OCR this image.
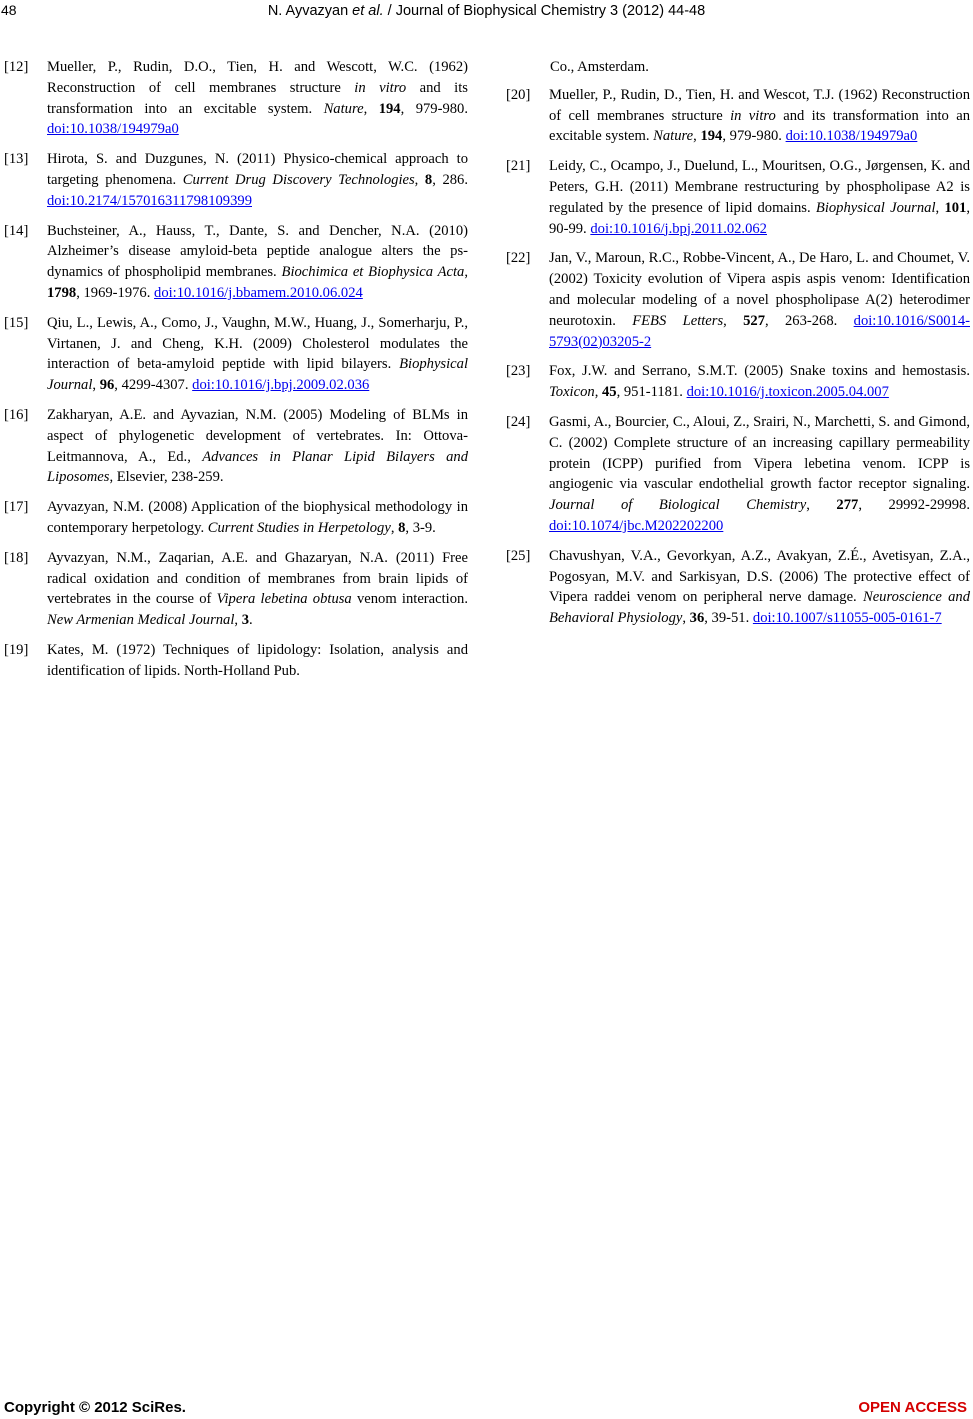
48	N. Ayvazyan et al. / Journal of Biophysical Chemistry 3 (2012) 44-48
[12] Mueller, P., Rudin, D.O., Tien, H. and Wescott, W.C. (1962) Reconstruction of cell membranes structure in vitro and its transformation into an excitable system. Nature, 194, 979-980. doi:10.1038/194979a0
[13] Hirota, S. and Duzgunes, N. (2011) Physico-chemical approach to targeting phenomena. Current Drug Discovery Technologies, 8, 286. doi:10.2174/157016311798109399
[14] Buchsteiner, A., Hauss, T., Dante, S. and Dencher, N.A. (2010) Alzheimer’s disease amyloid-beta peptide analogue alters the ps-dynamics of phospholipid membranes. Biochimica et Biophysica Acta, 1798, 1969-1976. doi:10.1016/j.bbamem.2010.06.024
[15] Qiu, L., Lewis, A., Como, J., Vaughn, M.W., Huang, J., Somerharju, P., Virtanen, J. and Cheng, K.H. (2009) Cholesterol modulates the interaction of beta-amyloid peptide with lipid bilayers. Biophysical Journal, 96, 4299-4307. doi:10.1016/j.bpj.2009.02.036
[16] Zakharyan, A.E. and Ayvazian, N.M. (2005) Modeling of BLMs in aspect of phylogenetic development of vertebrates. In: Ottova-Leitmannova, A., Ed., Advances in Planar Lipid Bilayers and Liposomes, Elsevier, 238-259.
[17] Ayvazyan, N.M. (2008) Application of the biophysical methodology in contemporary herpetology. Current Studies in Herpetology, 8, 3-9.
[18] Ayvazyan, N.M., Zaqarian, A.E. and Ghazaryan, N.A. (2011) Free radical oxidation and condition of membranes from brain lipids of vertebrates in the course of Vipera lebetina obtusa venom interaction. New Armenian Medical Journal, 3.
[19] Kates, M. (1972) Techniques of lipidology: Isolation, analysis and identification of lipids. North-Holland Pub.
Co., Amsterdam.
[20] Mueller, P., Rudin, D., Tien, H. and Wescot, T.J. (1962) Reconstruction of cell membranes structure in vitro and its transformation into an excitable system. Nature, 194, 979-980. doi:10.1038/194979a0
[21] Leidy, C., Ocampo, J., Duelund, L., Mouritsen, O.G., Jørgensen, K. and Peters, G.H. (2011) Membrane restructuring by phospholipase A2 is regulated by the presence of lipid domains. Biophysical Journal, 101, 90-99. doi:10.1016/j.bpj.2011.02.062
[22] Jan, V., Maroun, R.C., Robbe-Vincent, A., De Haro, L. and Choumet, V. (2002) Toxicity evolution of Vipera aspis aspis venom: Identification and molecular modeling of a novel phospholipase A(2) heterodimer neurotoxin. FEBS Letters, 527, 263-268. doi:10.1016/S0014-5793(02)03205-2
[23] Fox, J.W. and Serrano, S.M.T. (2005) Snake toxins and hemostasis. Toxicon, 45, 951-1181. doi:10.1016/j.toxicon.2005.04.007
[24] Gasmi, A., Bourcier, C., Aloui, Z., Srairi, N., Marchetti, S. and Gimond, C. (2002) Complete structure of an increasing capillary permeability protein (ICPP) purified from Vipera lebetina venom. ICPP is angiogenic via vascular endothelial growth factor receptor signaling. Journal of Biological Chemistry, 277, 29992-29998. doi:10.1074/jbc.M202202200
[25] Chavushyan, V.A., Gevorkyan, A.Z., Avakyan, Z.É., Avetisyan, Z.A., Pogosyan, M.V. and Sarkisyan, D.S. (2006) The protective effect of Vipera raddei venom on peripheral nerve damage. Neuroscience and Behavioral Physiology, 36, 39-51. doi:10.1007/s11055-005-0161-7
Copyright © 2012 SciRes.	OPEN ACCESS
